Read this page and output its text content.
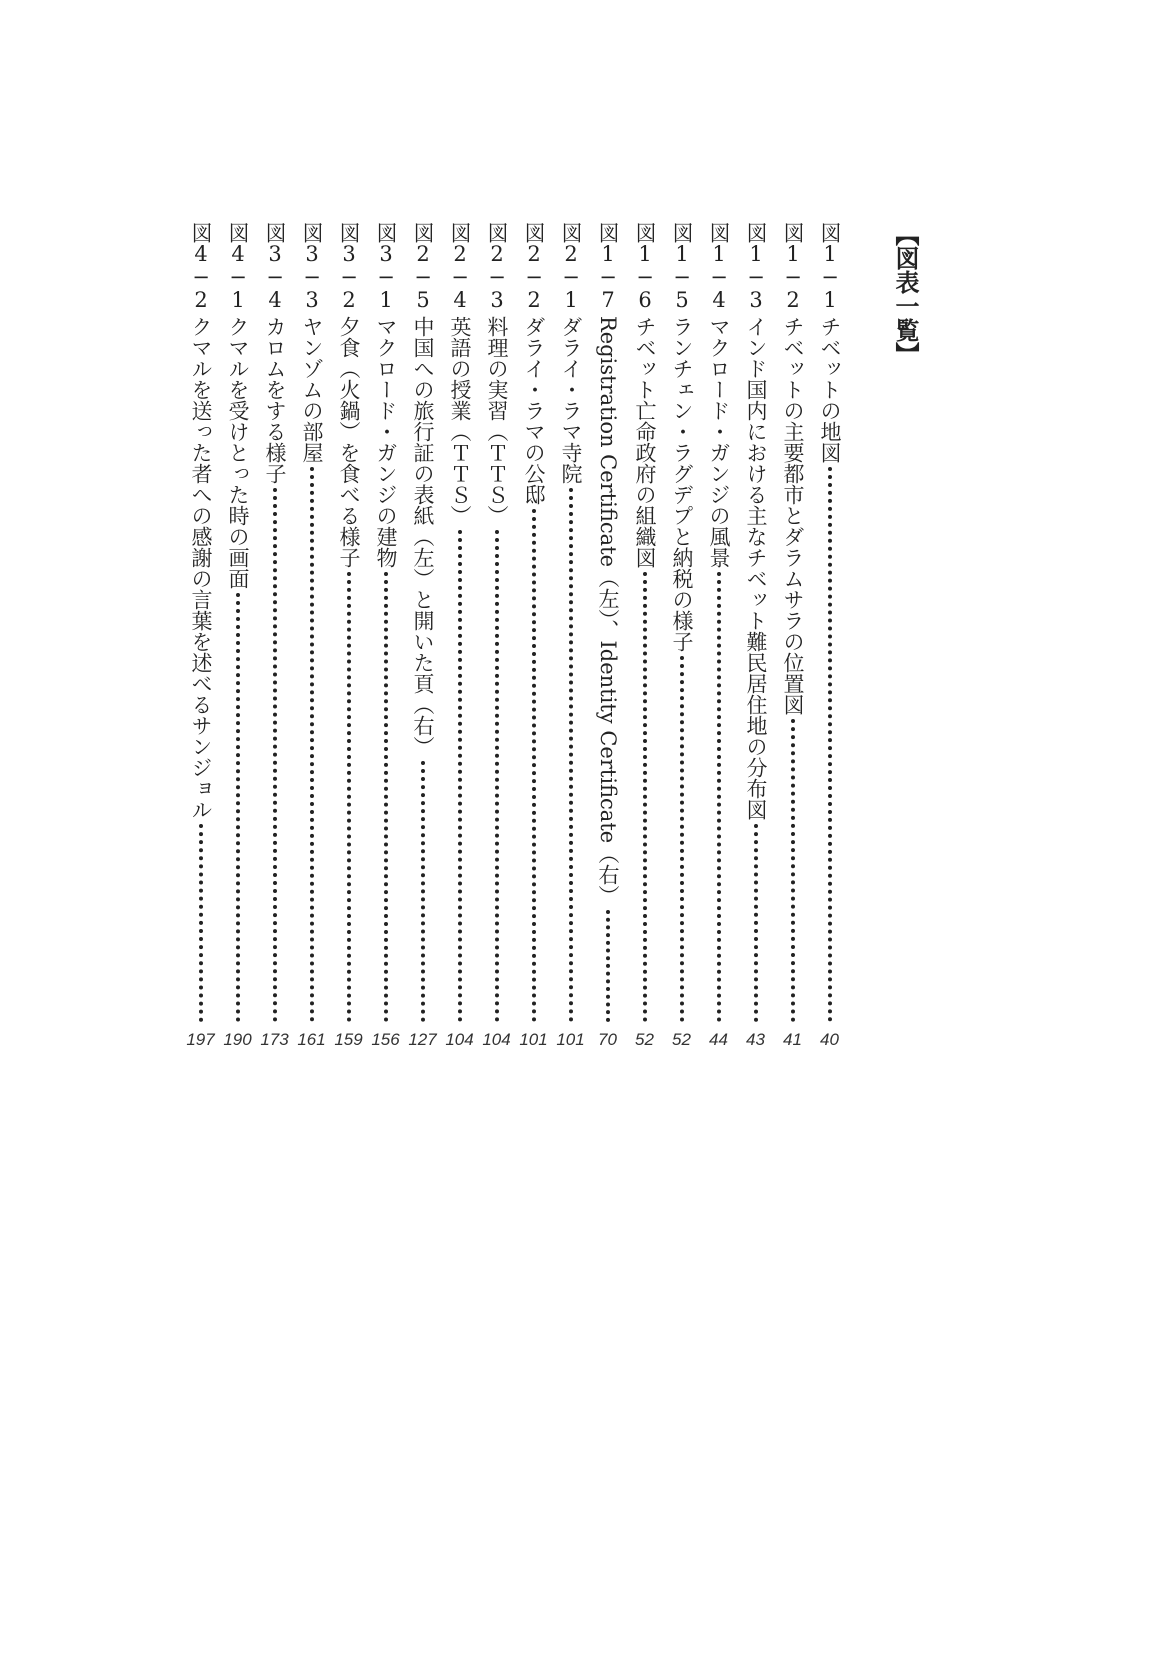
【図表一覧】
図1−1
チベットの地図
40
図1−2
チベットの主要都市とダラムサラの位置図
41
図1−3
インド国内における主なチベット難民居住地の分布図
43
図1−4
マクロード・ガンジの風景
44
図1−5
ランチェン・ラグデプと納税の様子
52
図1−6
チベット亡命政府の組織図
52
図1−7
Registration Certificate（左）、Identity Certificate（右）
70
図2−1
ダライ・ラマ寺院
101
図2−2
ダライ・ラマの公邸
101
図2−3
料理の実習（ＴＴＳ）
104
図2−4
英語の授業（ＴＴＳ）
104
図2−5
中国への旅行証の表紙（左）と開いた頁（右）
127
図3−1
マクロード・ガンジの建物
156
図3−2
夕食（火鍋）を食べる様子
159
図3−3
ヤンゾムの部屋
161
図3−4
カロムをする様子
173
図4−1
クマルを受けとった時の画面
190
図4−2
クマルを送った者への感謝の言葉を述べるサンジョル
197
